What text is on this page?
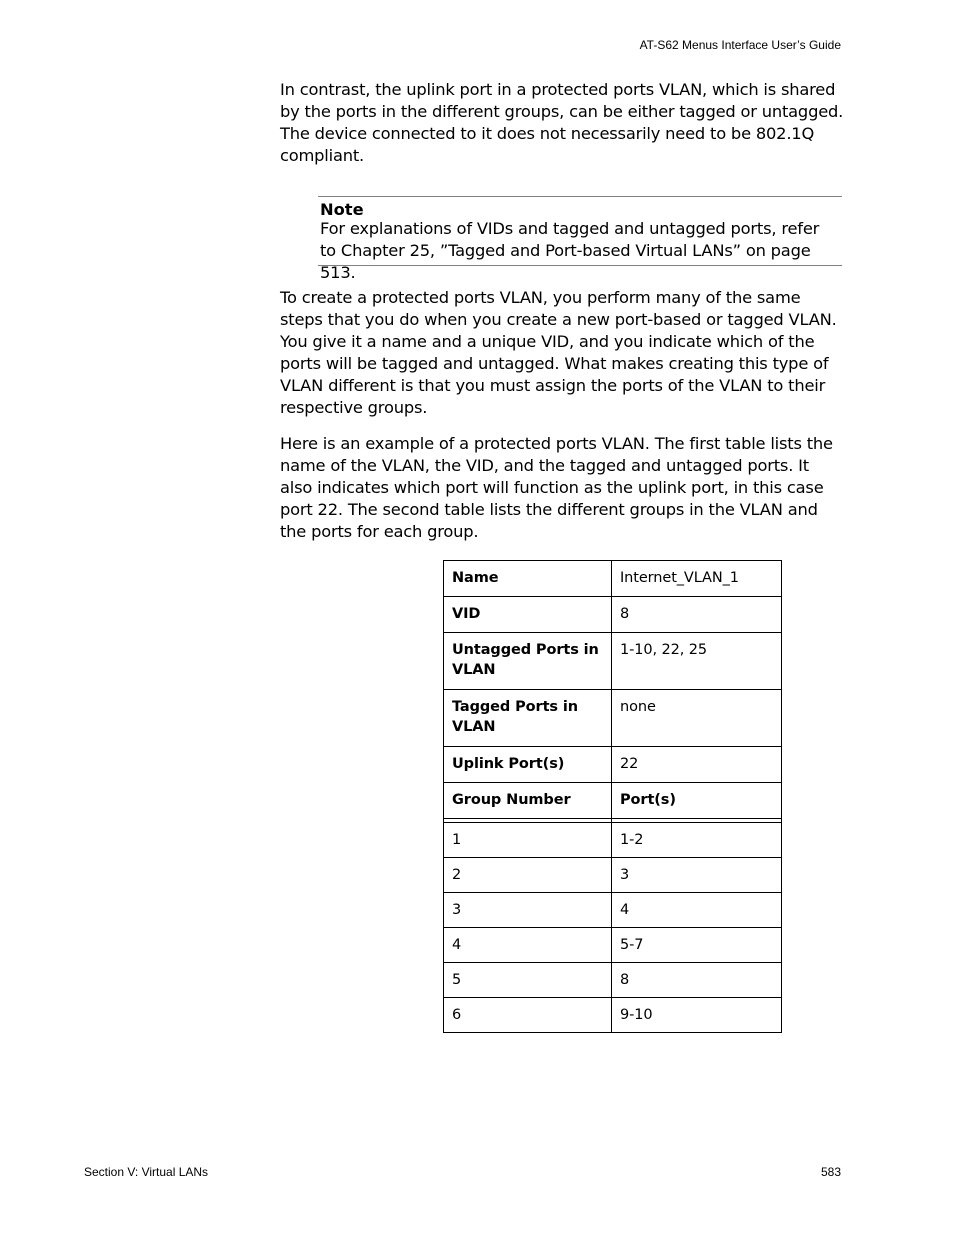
AT-S62 Menus Interface User’s Guide

In contrast, the uplink port in a protected ports VLAN, which is shared by the ports in the different groups, can be either tagged or untagged. The device connected to it does not necessarily need to be 802.1Q compliant.

Note

For explanations of VIDs and tagged and untagged ports, refer to Chapter 25, ”Tagged and Port-based Virtual LANs” on page 513.

To create a protected ports VLAN, you perform many of the same steps that you do when you create a new port-based or tagged VLAN. You give it a name and a unique VID, and you indicate which of the ports will be tagged and untagged. What makes creating this type of VLAN different is that you must assign the ports of the VLAN to their respective groups.

Here is an example of a protected ports VLAN. The first table lists the name of the VLAN, the VID, and the tagged and untagged ports. It also indicates which port will function as the uplink port, in this case port 22. The second table lists the different groups in the VLAN and the ports for each group.

Name	Internet_VLAN_1
VID	8
Untagged Ports in VLAN	1-10, 22, 25
Tagged Ports in VLAN	none
Uplink Port(s)	22
Group Number	Port(s)

1	1-2
2	3
3	4
4	5-7
5	8
6	9-10
Section V: Virtual LANs	583
